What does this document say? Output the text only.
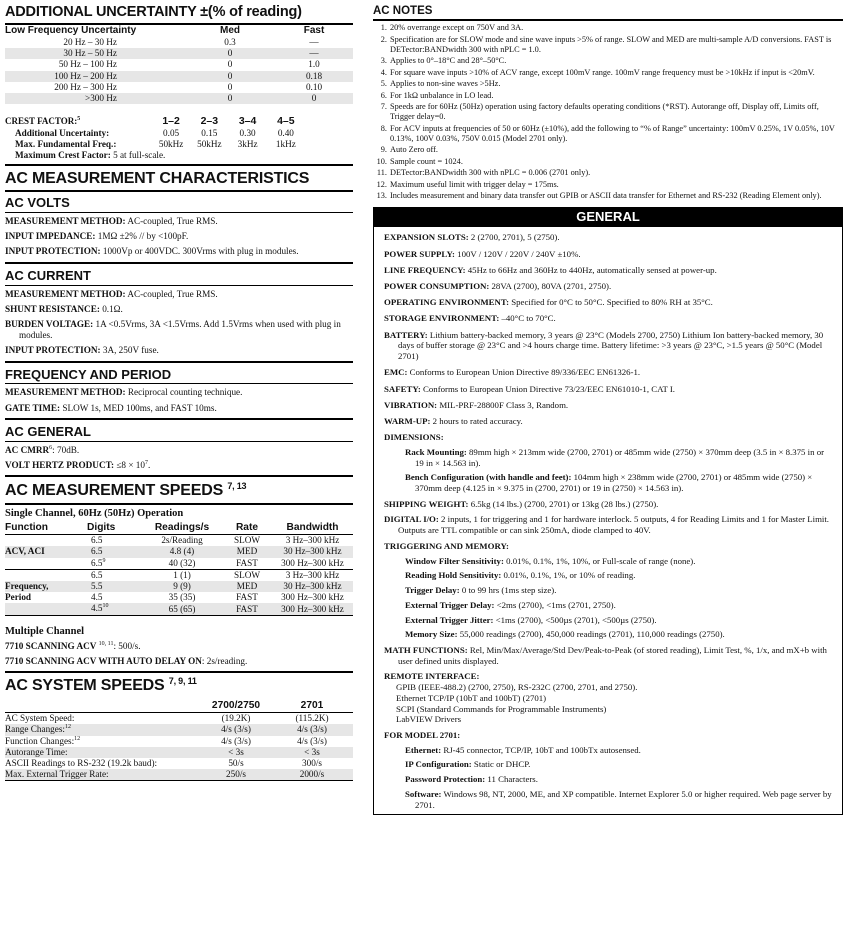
ADDITIONAL UNCERTAINTY ±(% of reading)
Low Frequency Uncertainty	Med	Fast
20 Hz – 30 Hz	0.3	—
30 Hz – 50 Hz	0	—
50 Hz – 100 Hz	0	1.0
100 Hz – 200 Hz	0	0.18
200 Hz – 300 Hz	0	0.10
>300 Hz	0	0
CREST FACTOR:$^5$	1–2	2–3	3–4	4–5
Additional Uncertainty:	0.05	0.15	0.30	0.40
Max. Fundamental Freq.:	50kHz	50kHz	3kHz	1kHz
Maximum Crest Factor: 5 at full-scale.
AC MEASUREMENT CHARACTERISTICS
AC VOLTS
MEASUREMENT METHOD: AC-coupled, True RMS.
INPUT IMPEDANCE: 1MΩ ±2% // by <100pF.
INPUT PROTECTION: 1000Vp or 400VDC. 300Vrms with plug in modules.
AC CURRENT
MEASUREMENT METHOD: AC-coupled, True RMS.
SHUNT RESISTANCE: 0.1Ω.
BURDEN VOLTAGE: 1A <0.5Vrms, 3A <1.5Vrms. Add 1.5Vrms when used with plug in modules.
INPUT PROTECTION: 3A, 250V fuse.
FREQUENCY AND PERIOD
MEASUREMENT METHOD: Reciprocal counting technique.
GATE TIME: SLOW 1s, MED 100ms, and FAST 10ms.
AC GENERAL
AC CMRR$^6$: 70dB.
VOLT HERTZ PRODUCT: $\le 8 \times 10^7$.
AC MEASUREMENT SPEEDS $^{7, 13}$
Single Channel, 60Hz (50Hz) Operation
Function	Digits	Readings/s	Rate	Bandwidth
	6.5	2s/Reading	SLOW	3 Hz–300 kHz
ACV, ACI	6.5	4.8 (4)	MED	30 Hz–300 kHz
	$6.5^9$	40 (32)	FAST	300 Hz–300 kHz
	6.5	1 (1)	SLOW	3 Hz–300 kHz
Frequency,	5.5	9 (9)	MED	30 Hz–300 kHz
Period	4.5	35 (35)	FAST	300 Hz–300 kHz
	$4.5^{10}$	65 (65)	FAST	300 Hz–300 kHz
Multiple Channel
7710 SCANNING ACV $^{10, 11}$: 500/s.
7710 SCANNING ACV WITH AUTO DELAY ON: 2s/reading.
AC SYSTEM SPEEDS $^{7, 9, 11}$
	2700/2750	2701
AC System Speed:	(19.2K)	(115.2K)
Range Changes:$^{12}$	4/s (3/s)	4/s (3/s)
Function Changes:$^{12}$	4/s (3/s)	4/s (3/s)
Autorange Time:	< 3s	< 3s
ASCII Readings to RS-232 (19.2k baud):	50/s	300/s
Max. External Trigger Rate:	250/s	2000/s
AC NOTES
1. 20% overrange except on 750V and 3A.
2. Specification are for SLOW mode and sine wave inputs >5% of range. SLOW and MED are multi-sample A/D conversions. FAST is DETector:BANDwidth 300 with nPLC = 1.0.
3. Applies to 0°–18°C and 28°–50°C.
4. For square wave inputs >10% of ACV range, except 100mV range. 100mV range frequency must be >10kHz if input is <20mV.
5. Applies to non-sine waves >5Hz.
6. For 1kΩ unbalance in LO lead.
7. Speeds are for 60Hz (50Hz) operation using factory defaults operating conditions (*RST). Autorange off, Display off, Limits off, Trigger delay=0.
8. For ACV inputs at frequencies of 50 or 60Hz (±10%), add the following to “% of Range” uncertainty: 100mV 0.25%, 1V 0.05%, 10V 0.13%, 100V 0.03%, 750V 0.015 (Model 2701 only).
9. Auto Zero off.
10. Sample count = 1024.
11. DETector:BANDwidth 300 with nPLC = 0.006 (2701 only).
12. Maximum useful limit with trigger delay = 175ms.
13. Includes measurement and binary data transfer out GPIB or ASCII data transfer for Ethernet and RS-232 (Reading Element only).
GENERAL
EXPANSION SLOTS: 2 (2700, 2701), 5 (2750).
POWER SUPPLY: 100V / 120V / 220V / 240V ±10%.
LINE FREQUENCY: 45Hz to 66Hz and 360Hz to 440Hz, automatically sensed at power-up.
POWER CONSUMPTION: 28VA (2700), 80VA (2701, 2750).
OPERATING ENVIRONMENT: Specified for 0°C to 50°C. Specified to 80% RH at 35°C.
STORAGE ENVIRONMENT: –40°C to 70°C.
BATTERY: Lithium battery-backed memory, 3 years @ 23°C (Models 2700, 2750) Lithium Ion battery-backed memory, 30 days of buffer storage @ 23°C and >4 hours charge time. Battery lifetime: >3 years @ 23°C, >1.5 years @ 50°C (Model 2701)
EMC: Conforms to European Union Directive 89/336/EEC EN61326-1.
SAFETY: Conforms to European Union Directive 73/23/EEC EN61010-1, CAT I.
VIBRATION: MIL-PRF-28800F Class 3, Random.
WARM-UP: 2 hours to rated accuracy.
DIMENSIONS:
Rack Mounting: 89mm high × 213mm wide (2700, 2701) or 485mm wide (2750) × 370mm deep (3.5 in × 8.375 in or 19 in × 14.563 in).
Bench Configuration (with handle and feet): 104mm high × 238mm wide (2700, 2701) or 485mm wide (2750) × 370mm deep (4.125 in × 9.375 in (2700, 2701) or 19 in (2750) × 14.563 in).
SHIPPING WEIGHT: 6.5kg (14 lbs.) (2700, 2701) or 13kg (28 lbs.) (2750).
DIGITAL I/O: 2 inputs, 1 for triggering and 1 for hardware interlock. 5 outputs, 4 for Reading Limits and 1 for Master Limit. Outputs are TTL compatible or can sink 250mA, diode clamped to 40V.
TRIGGERING AND MEMORY:
Window Filter Sensitivity: 0.01%, 0.1%, 1%, 10%, or Full-scale of range (none).
Reading Hold Sensitivity: 0.01%, 0.1%, 1%, or 10% of reading.
Trigger Delay: 0 to 99 hrs (1ms step size).
External Trigger Delay: <2ms (2700), <1ms (2701, 2750).
External Trigger Jitter: <1ms (2700), <500µs (2701), <500µs (2750).
Memory Size: 55,000 readings (2700), 450,000 readings (2701), 110,000 readings (2750).
MATH FUNCTIONS: Rel, Min/Max/Average/Std Dev/Peak-to-Peak (of stored reading), Limit Test, %, 1/x, and mX+b with user defined units displayed.
REMOTE INTERFACE:
GPIB (IEEE-488.2) (2700, 2750), RS-232C (2700, 2701, and 2750).
Ethernet TCP/IP (10bT and 100bT) (2701)
SCPI (Standard Commands for Programmable Instruments)
LabVIEW Drivers
FOR MODEL 2701:
Ethernet: RJ-45 connector, TCP/IP, 10bT and 100bTx autosensed.
IP Configuration: Static or DHCP.
Password Protection: 11 Characters.
Software: Windows 98, NT, 2000, ME, and XP compatible. Internet Explorer 5.0 or higher required. Web page server by 2701.
